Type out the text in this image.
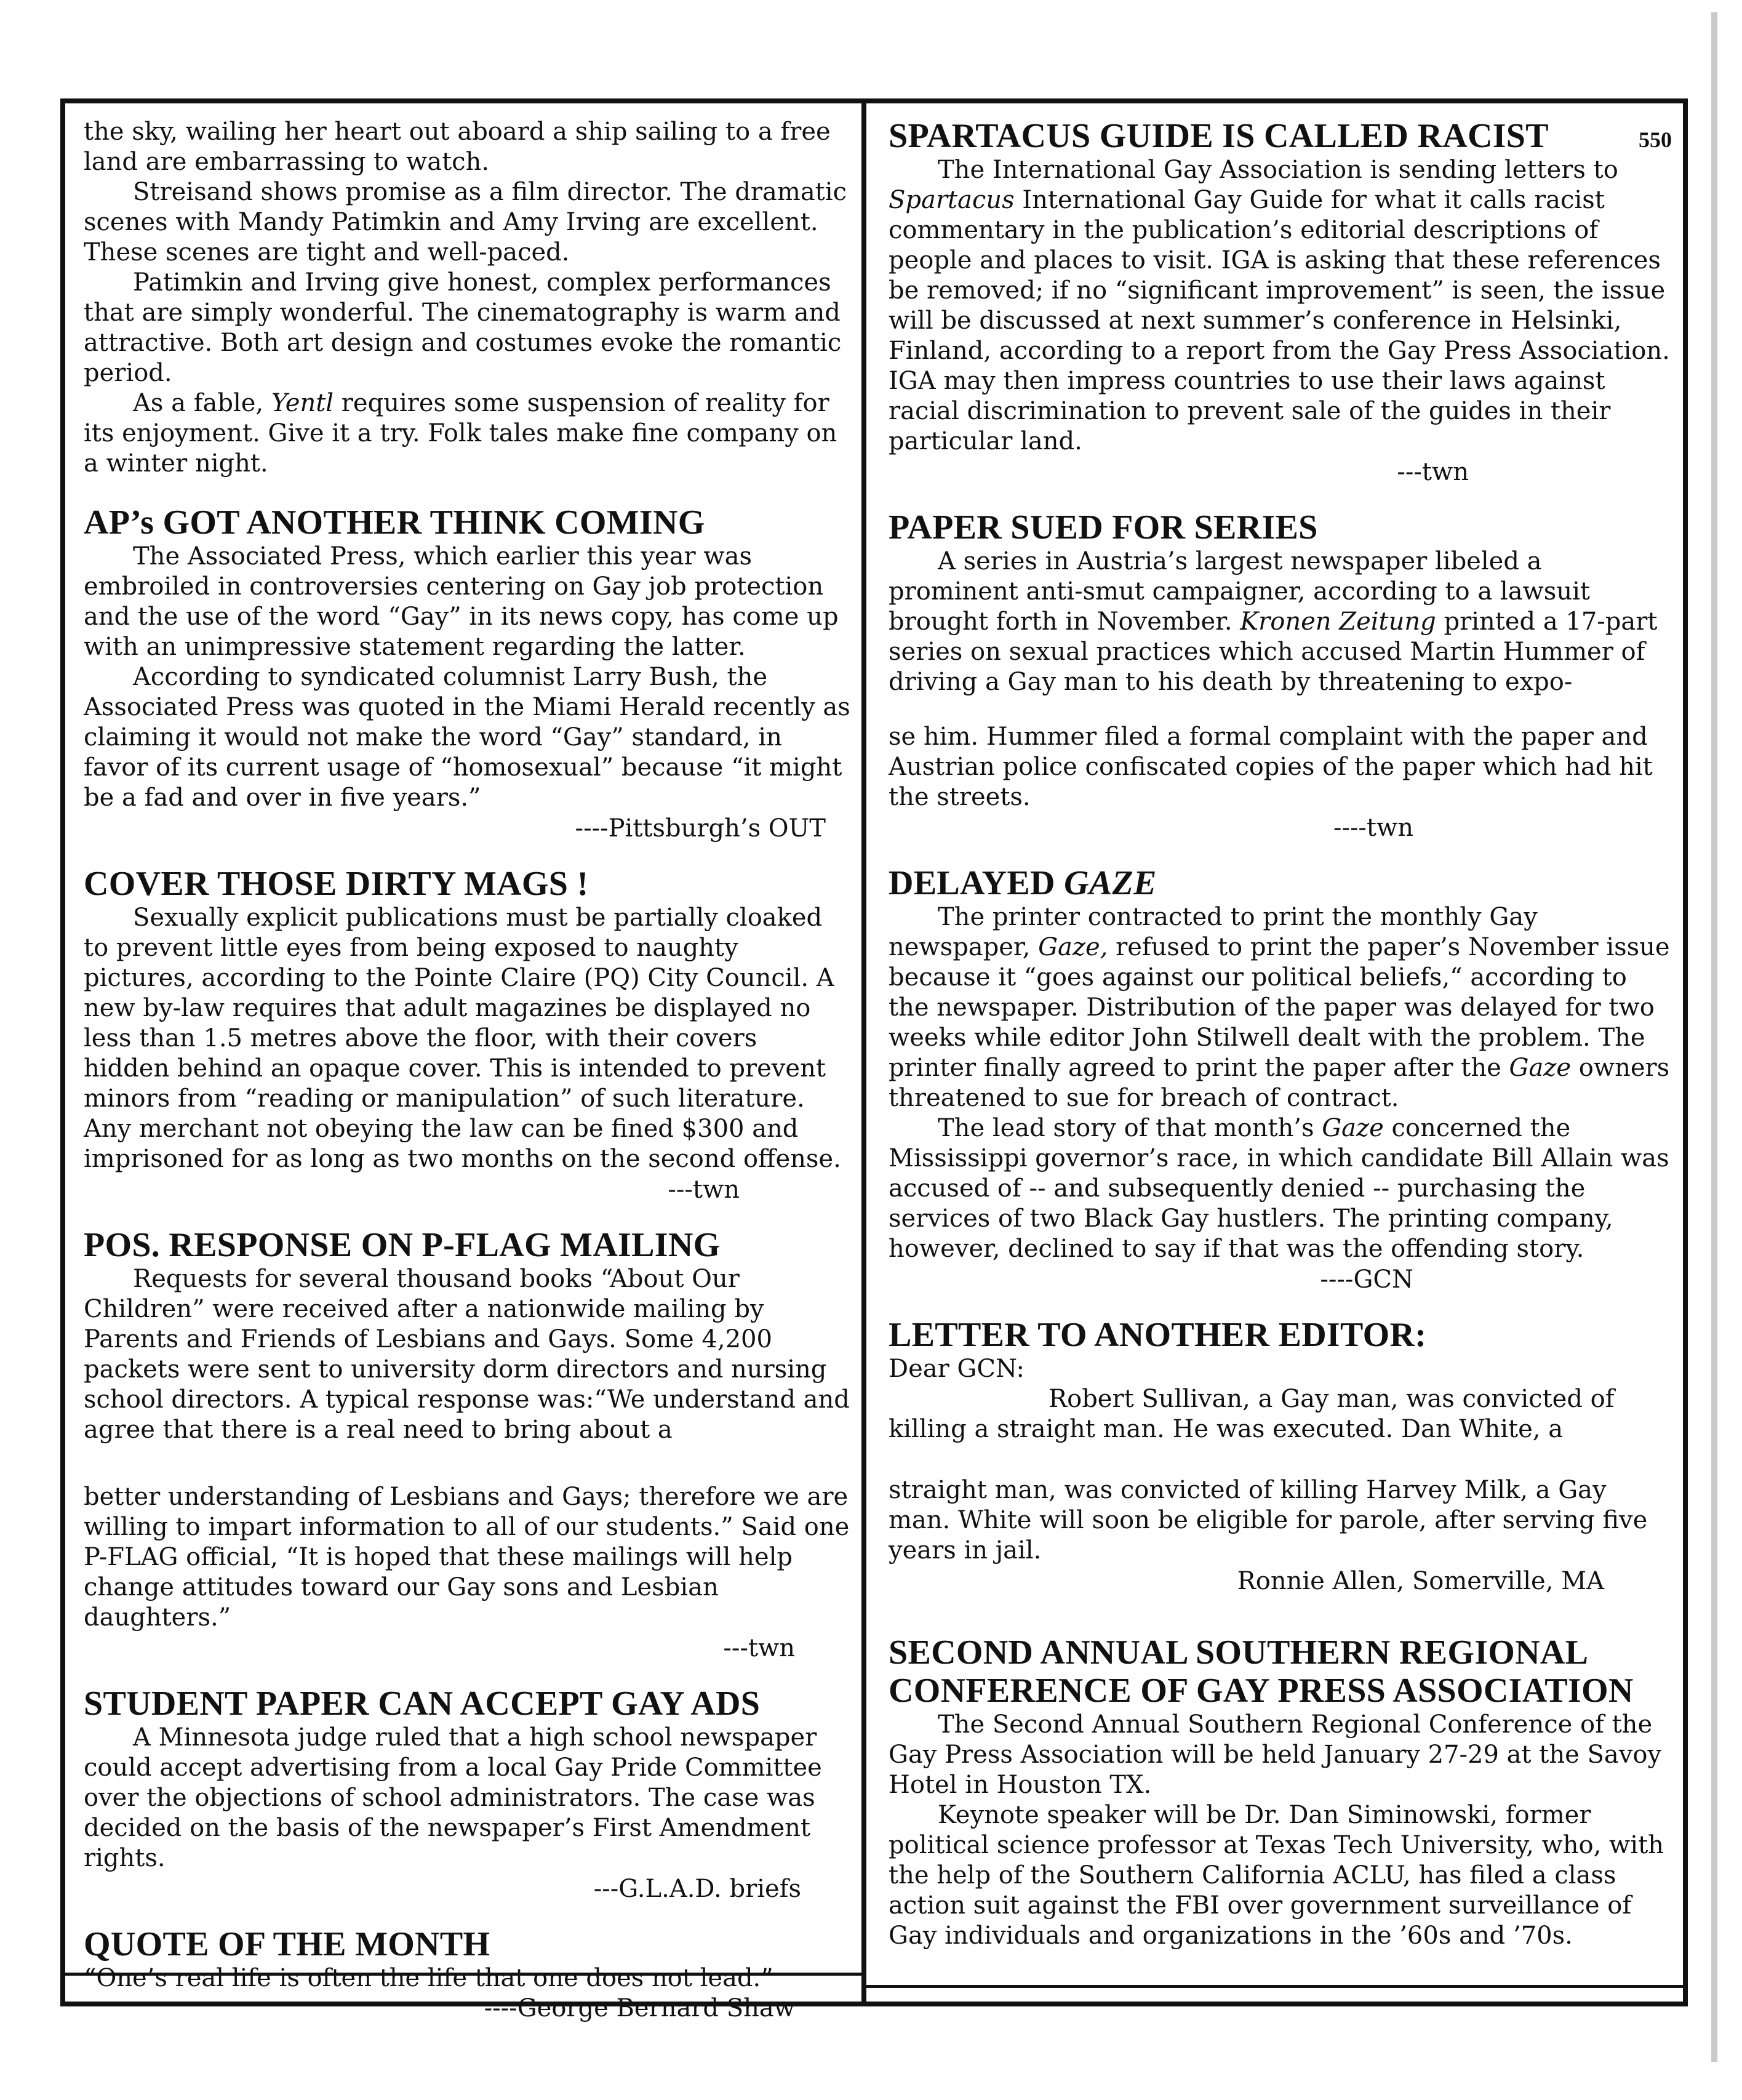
the sky, wailing her heart out aboard a ship sailing to a free land are embarrassing to watch.

Streisand shows promise as a film director. The dramatic scenes with Mandy Patimkin and Amy Irving are excellent. These scenes are tight and well-paced.

Patimkin and Irving give honest, complex performances that are simply wonderful. The cinematography is warm and attractive. Both art design and costumes evoke the romantic period.

As a fable, Yentl requires some suspension of reality for its enjoyment. Give it a try. Folk tales make fine company on a winter night.

AP’s GOT ANOTHER THINK COMING

The Associated Press, which earlier this year was embroiled in controversies centering on Gay job protection and the use of the word “Gay” in its news copy, has come up with an unimpressive statement regarding the latter.

According to syndicated columnist Larry Bush, the Associated Press was quoted in the Miami Herald recently as claiming it would not make the word “Gay” standard, in favor of its current usage of “homosexual” because “it might be a fad and over in five years.”

----Pittsburgh’s OUT
COVER THOSE DIRTY MAGS !

Sexually explicit publications must be partially cloaked to prevent little eyes from being exposed to naughty pictures, according to the Pointe Claire (PQ) City Council. A new by-law requires that adult magazines be displayed no less than 1.5 metres above the floor, with their covers hidden behind an opaque cover. This is intended to prevent minors from “reading or manipulation” of such literature. Any merchant not obeying the law can be fined $300 and imprisoned for as long as two months on the second offense.

---twn
POS. RESPONSE ON P-FLAG MAILING

Requests for several thousand books “About Our Children” were received after a nationwide mailing by Parents and Friends of Lesbians and Gays. Some 4,200 packets were sent to university dorm directors and nursing school directors. A typical response was:“We understand and agree that there is a real need to bring about a

better understanding of Lesbians and Gays; therefore we are willing to impart information to all of our students.” Said one P-FLAG official, “It is hoped that these mailings will help change attitudes toward our Gay sons and Lesbian daughters.”

---twn
STUDENT PAPER CAN ACCEPT GAY ADS

A Minnesota judge ruled that a high school newspaper could accept advertising from a local Gay Pride Committee over the objections of school administrators. The case was decided on the basis of the newspaper’s First Amendment rights.

---G.L.A.D. briefs
QUOTE OF THE MONTH

“One’s real life is often the life that one does not lead.”

----George Bernard Shaw
SPARTACUS GUIDE IS CALLED RACIST	550

The International Gay Association is sending letters to Spartacus International Gay Guide for what it calls racist commentary in the publication’s editorial descriptions of people and places to visit. IGA is asking that these references be removed; if no “significant improvement” is seen, the issue will be discussed at next summer’s conference in Helsinki, Finland, according to a report from the Gay Press Association. IGA may then impress countries to use their laws against racial discrimination to prevent sale of the guides in their particular land.

---twn
PAPER SUED FOR SERIES

A series in Austria’s largest newspaper libeled a prominent anti-smut campaigner, according to a lawsuit brought forth in November. Kronen Zeitung printed a 17-part series on sexual practices which accused Martin Hummer of driving a Gay man to his death by threatening to expo-

se him. Hummer filed a formal complaint with the paper and Austrian police confiscated copies of the paper which had hit the streets.

----twn
DELAYED GAZE

The printer contracted to print the monthly Gay newspaper, Gaze, refused to print the paper’s November issue because it “goes against our political beliefs,“ according to the newspaper. Distribution of the paper was delayed for two weeks while editor John Stilwell dealt with the problem. The printer finally agreed to print the paper after the Gaze owners threatened to sue for breach of contract.

The lead story of that month’s Gaze concerned the Mississippi governor’s race, in which candidate Bill Allain was accused of -- and subsequently denied -- purchasing the services of two Black Gay hustlers. The printing company, however, declined to say if that was the offending story.

----GCN
LETTER TO ANOTHER EDITOR:

Dear GCN:

Robert Sullivan, a Gay man, was convicted of killing a straight man. He was executed. Dan White, a

straight man, was convicted of killing Harvey Milk, a Gay man. White will soon be eligible for parole, after serving five years in jail.

Ronnie Allen, Somerville, MA
SECOND ANNUAL SOUTHERN REGIONAL
CONFERENCE OF GAY PRESS ASSOCIATION

The Second Annual Southern Regional Conference of the Gay Press Association will be held January 27-29 at the Savoy Hotel in Houston TX.

Keynote speaker will be Dr. Dan Siminowski, former political science professor at Texas Tech University, who, with the help of the Southern California ACLU, has filed a class action suit against the FBI over government surveillance of Gay individuals and organizations in the ’60s and ’70s.
